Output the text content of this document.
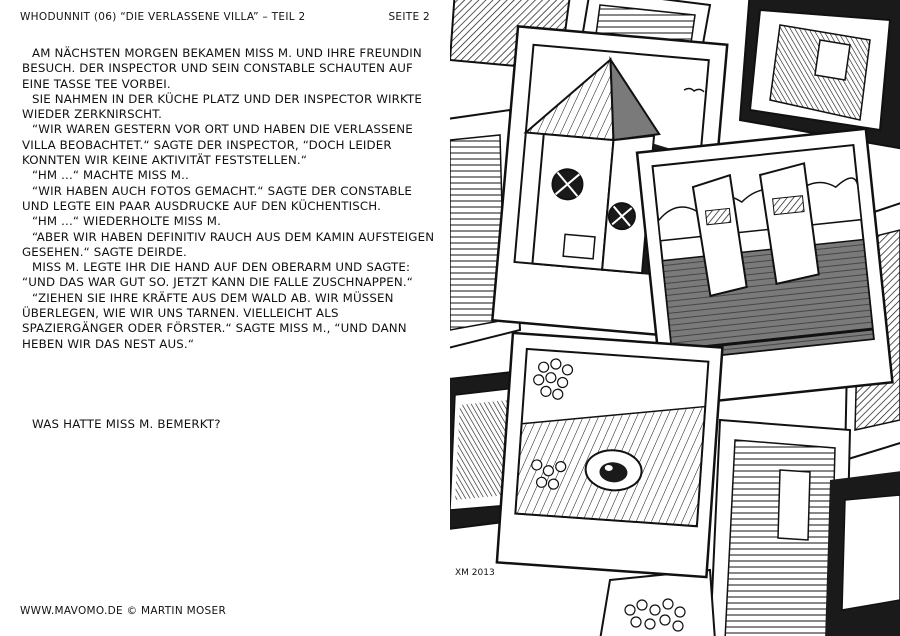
WHODUNNIT (06) “DIE VERLASSENE VILLA” – TEIL 2	SEITE 2

AM NÄCHSTEN MORGEN BEKAMEN MISS M. UND IHRE FREUNDIN BESUCH. DER INSPECTOR UND SEIN CONSTABLE SCHAUTEN AUF EINE TASSE TEE VORBEI.

SIE NAHMEN IN DER KÜCHE PLATZ UND DER INSPECTOR WIRKTE WIEDER ZERKNIRSCHT.

“WIR WAREN GESTERN VOR ORT UND HABEN DIE VERLASSENE VILLA BEOBACHTET.“ SAGTE DER INSPECTOR, “DOCH LEIDER KONNTEN WIR KEINE AKTIVITÄT FESTSTELLEN.“

“HM ...“ MACHTE MISS M..

“WIR HABEN AUCH FOTOS GEMACHT.“ SAGTE DER CONSTABLE UND LEGTE EIN PAAR AUSDRUCKE AUF DEN KÜCHENTISCH.

“HM ...“ WIEDERHOLTE MISS M.

“ABER WIR HABEN DEFINITIV RAUCH AUS DEM KAMIN AUFSTEIGEN GESEHEN.“ SAGTE DEIRDE.

MISS M. LEGTE IHR DIE HAND AUF DEN OBERARM UND SAGTE: “UND DAS WAR GUT SO. JETZT KANN DIE FALLE ZUSCHNAPPEN.“

“ZIEHEN SIE IHRE KRÄFTE AUS DEM WALD AB. WIR MÜSSEN ÜBERLEGEN, WIE WIR UNS TARNEN. VIELLEICHT ALS SPAZIERGÄNGER ODER FÖRSTER.“ SAGTE MISS M., “UND DANN HEBEN WIR DAS NEST AUS.“

WAS HATTE MISS M. BEMERKT?
WWW.MAVOMO.DE © MARTIN MOSER
XM 2013
